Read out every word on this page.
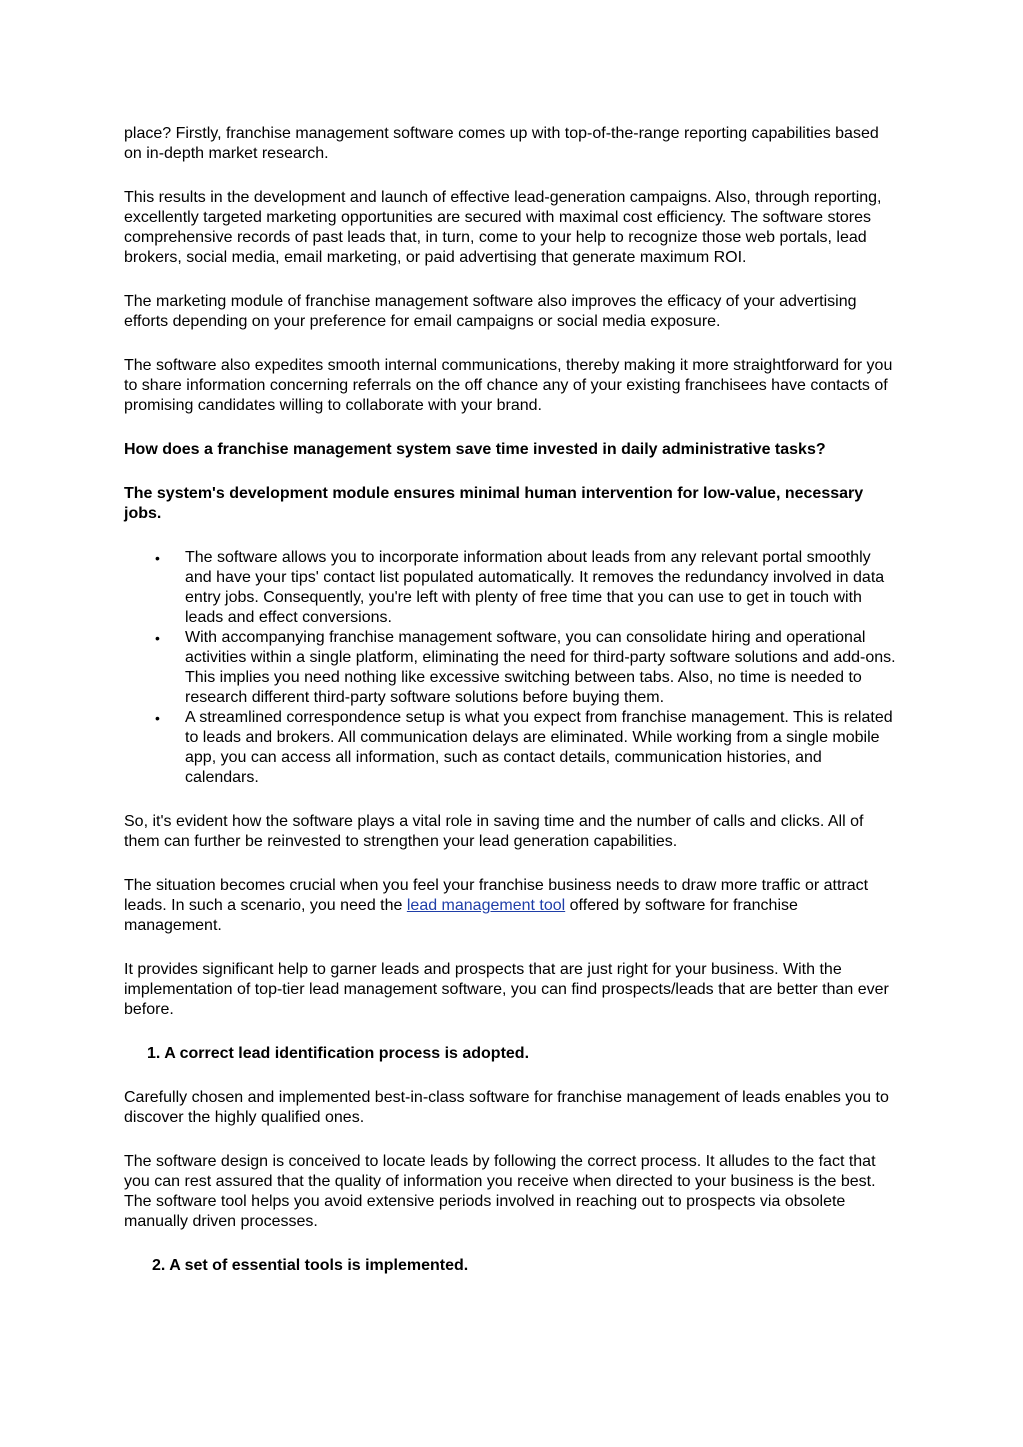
place? Firstly, franchise management software comes up with top-of-the-range reporting capabilities based on in-depth market research.

This results in the development and launch of effective lead-generation campaigns. Also, through reporting, excellently targeted marketing opportunities are secured with maximal cost efficiency. The software stores comprehensive records of past leads that, in turn, come to your help to recognize those web portals, lead brokers, social media, email marketing, or paid advertising that generate maximum ROI.

The marketing module of franchise management software also improves the efficacy of your advertising efforts depending on your preference for email campaigns or social media exposure.

The software also expedites smooth internal communications, thereby making it more straightforward for you to share information concerning referrals on the off chance any of your existing franchisees have contacts of promising candidates willing to collaborate with your brand.

How does a franchise management system save time invested in daily administrative tasks?

The system's development module ensures minimal human intervention for low-value, necessary jobs.

• The software allows you to incorporate information about leads from any relevant portal smoothly and have your tips' contact list populated automatically. It removes the redundancy involved in data entry jobs. Consequently, you're left with plenty of free time that you can use to get in touch with leads and effect conversions.
• With accompanying franchise management software, you can consolidate hiring and operational activities within a single platform, eliminating the need for third-party software solutions and add-ons. This implies you need nothing like excessive switching between tabs. Also, no time is needed to research different third-party software solutions before buying them.
• A streamlined correspondence setup is what you expect from franchise management. This is related to leads and brokers. All communication delays are eliminated. While working from a single mobile app, you can access all information, such as contact details, communication histories, and calendars.

So, it's evident how the software plays a vital role in saving time and the number of calls and clicks. All of them can further be reinvested to strengthen your lead generation capabilities.

The situation becomes crucial when you feel your franchise business needs to draw more traffic or attract leads. In such a scenario, you need the lead management tool offered by software for franchise management.

It provides significant help to garner leads and prospects that are just right for your business. With the implementation of top-tier lead management software, you can find prospects/leads that are better than ever before.

1. A correct lead identification process is adopted.

Carefully chosen and implemented best-in-class software for franchise management of leads enables you to discover the highly qualified ones.

The software design is conceived to locate leads by following the correct process. It alludes to the fact that you can rest assured that the quality of information you receive when directed to your business is the best. The software tool helps you avoid extensive periods involved in reaching out to prospects via obsolete manually driven processes.

2. A set of essential tools is implemented.
